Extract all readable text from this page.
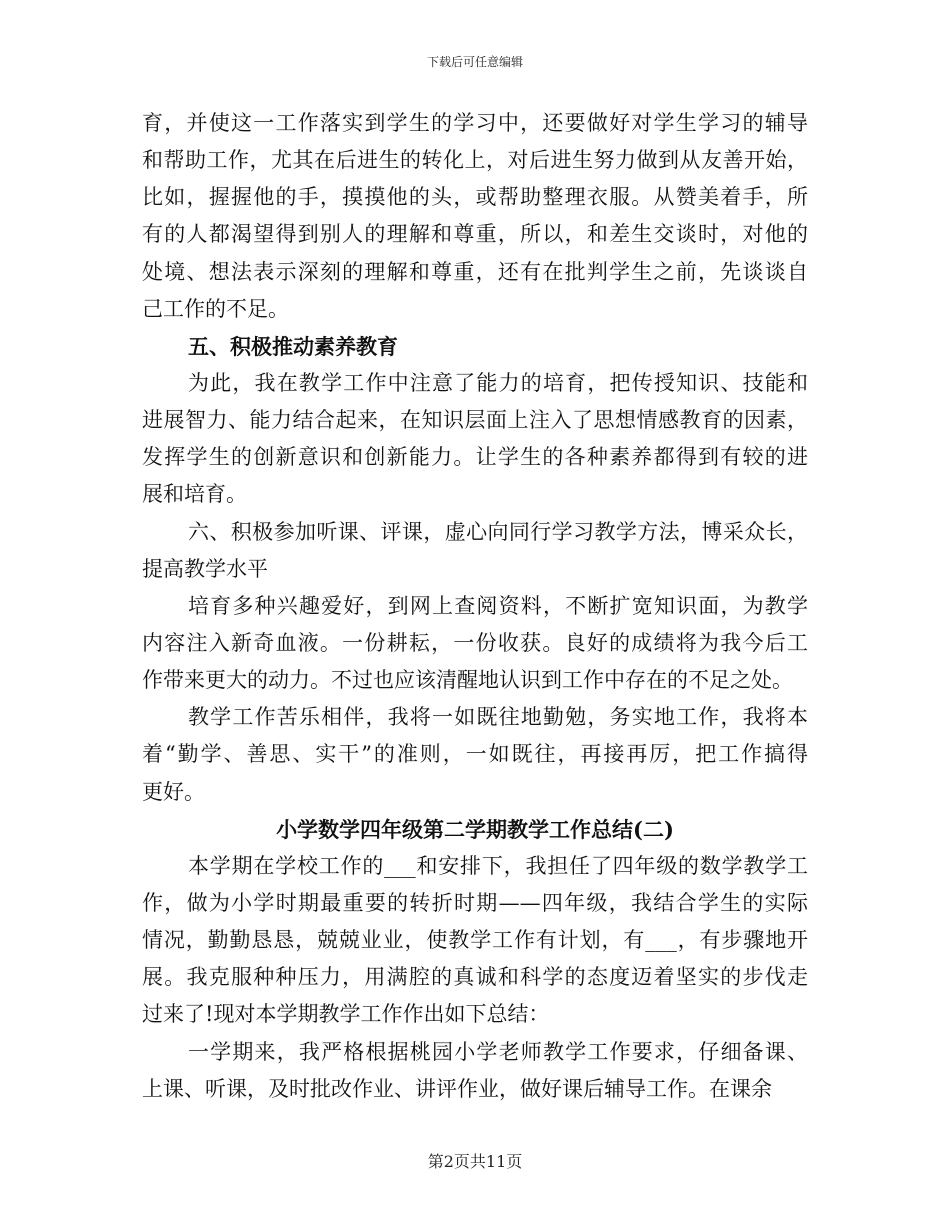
下载后可任意编辑
育，并使这一工作落实到学生的学习中，还要做好对学生学习的辅导
和帮助工作，尤其在后进生的转化上，对后进生努力做到从友善开始，
比如，握握他的手，摸摸他的头，或帮助整理衣服。从赞美着手，所
有的人都渴望得到别人的理解和尊重，所以，和差生交谈时，对他的
处境、想法表示深刻的理解和尊重，还有在批判学生之前，先谈谈自
己工作的不足。
五、积极推动素养教育
为此，我在教学工作中注意了能力的培育，把传授知识、技能和
进展智力、能力结合起来，在知识层面上注入了思想情感教育的因素，
发挥学生的创新意识和创新能力。让学生的各种素养都得到有较的进
展和培育。
六、积极参加听课、评课，虚心向同行学习教学方法，博采众长，
提高教学水平
培育多种兴趣爱好，到网上查阅资料，不断扩宽知识面，为教学
内容注入新奇血液。一份耕耘，一份收获。良好的成绩将为我今后工
作带来更大的动力。不过也应该清醒地认识到工作中存在的不足之处。
教学工作苦乐相伴，我将一如既往地勤勉，务实地工作，我将本
着“勤学、善思、实干”的准则，一如既往，再接再厉，把工作搞得
更好。
小学数学四年级第二学期教学工作总结(二)
本学期在学校工作的___和安排下，我担任了四年级的数学教学工
作，做为小学时期最重要的转折时期——四年级，我结合学生的实际
情况，勤勤恳恳，兢兢业业，使教学工作有计划，有___，有步骤地开
展。我克服种种压力，用满腔的真诚和科学的态度迈着坚实的步伐走
过来了!现对本学期教学工作作出如下总结：
一学期来，我严格根据桃园小学老师教学工作要求，仔细备课、
上课、听课，及时批改作业、讲评作业，做好课后辅导工作。在课余
第2页共11页
